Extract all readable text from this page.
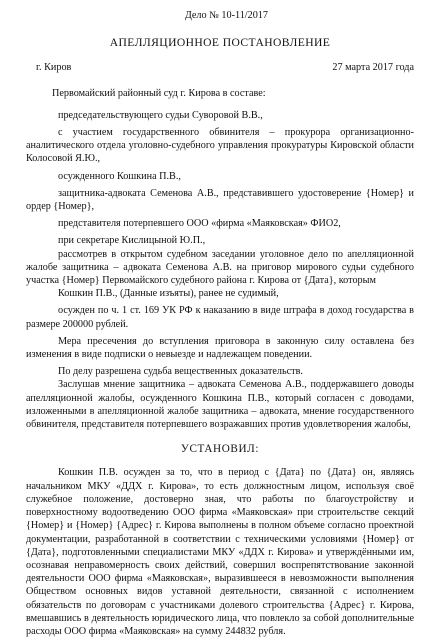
Дело № 10-11/2017
АПЕЛЛЯЦИОННОЕ ПОСТАНОВЛЕНИЕ
г. Киров	27 марта 2017 года
Первомайский районный суд г. Кирова в составе:
председательствующего судьи Суворовой В.В.,
с участием государственного обвинителя – прокурора организационно-аналитического отдела уголовно-судебного управления прокуратуры Кировской области Колосовой Я.Ю.,
осужденного Кошкина П.В.,
защитника-адвоката Семенова А.В., представившего удостоверение {Номер} и ордер {Номер},
представителя потерпевшего ООО «фирма «Маяковская» ФИО2,
при секретаре Кислицыной Ю.П.,
рассмотрев в открытом судебном заседании уголовное дело по апелляционной жалобе защитника – адвоката Семенова А.В. на приговор мирового судьи судебного участка {Номер} Первомайского судебного района г. Кирова от {Дата}, которым
Кошкин П.В., (Данные изъяты), ранее не судимый,
осужден по ч. 1 ст. 169 УК РФ к наказанию в виде штрафа в доход государства в размере 200000 рублей.
Мера пресечения до вступления приговора в законную силу оставлена без изменения в виде подписки о невыезде и надлежащем поведении.
По делу разрешена судьба вещественных доказательств.
Заслушав мнение защитника – адвоката Семенова А.В., поддержавшего доводы апелляционной жалобы, осужденного Кошкина П.В., который согласен с доводами, изложенными в апелляционной жалобе защитника – адвоката, мнение государственного обвинителя, представителя потерпевшего возражавших против удовлетворения жалобы,
УСТАНОВИЛ:
Кошкин П.В. осужден за то, что в период с {Дата} по {Дата} он, являясь начальником МКУ «ДДХ г. Кирова», то есть должностным лицом, используя своё служебное положение, достоверно зная, что работы по благоустройству и поверхностному водоотведению ООО фирма «Маяковская» при строительстве секций {Номер} и {Номер} {Адрес} г. Кирова выполнены в полном объеме согласно проектной документации, разработанной в соответствии с техническими условиями {Номер} от {Дата}, подготовленными специалистами МКУ «ДДХ г. Кирова» и утверждёнными им, осознавая неправомерность своих действий, совершил воспрепятствование законной деятельности ООО фирма «Маяковская», выразившееся в невозможности выполнения Обществом основных видов уставной деятельности, связанной с исполнением обязательств по договорам с участниками долевого строительства {Адрес} г. Кирова, вмешавшись в деятельность юридического лица, что повлекло за собой дополнительные расходы ООО фирма «Маяковская» на сумму 244832 рубля.
